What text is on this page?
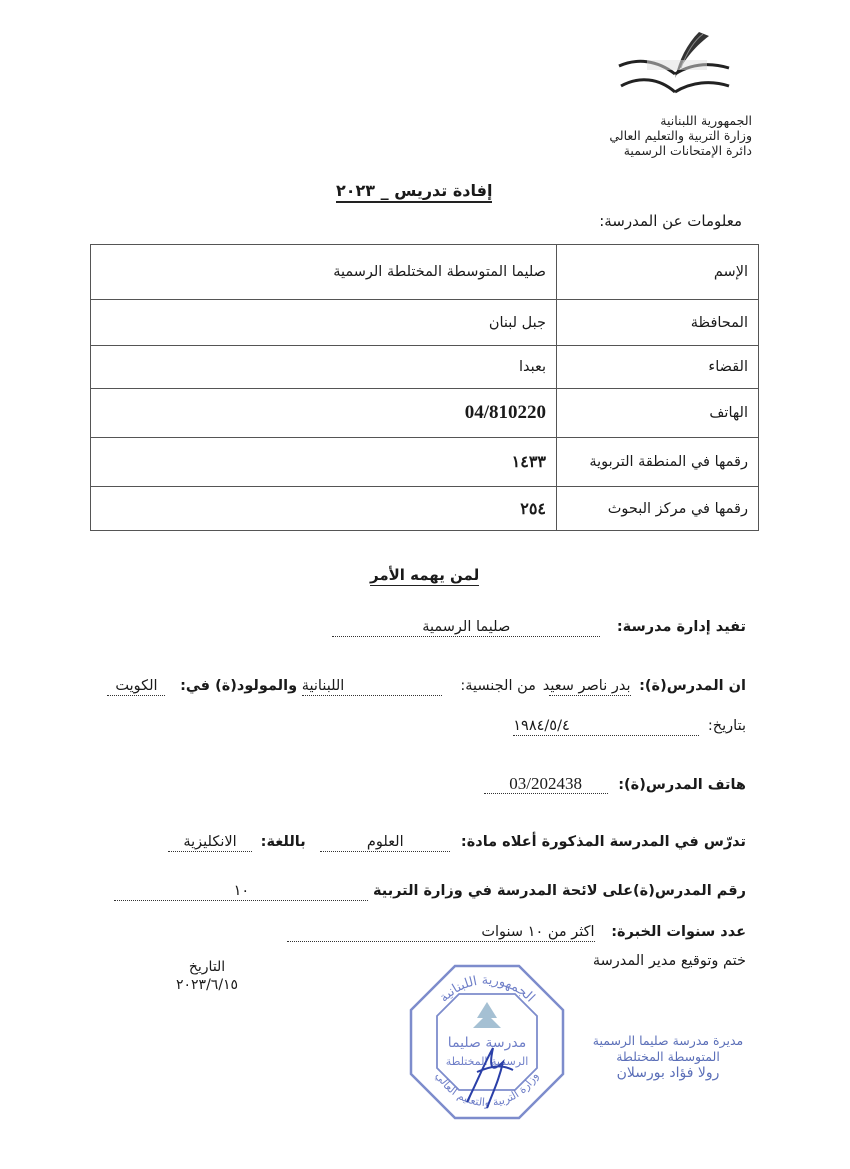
الجمهورية اللبنانية
وزارة التربية والتعليم العالي
دائرة الإمتحانات الرسمية
إفادة تدريس _ ٢٠٢٣
معلومات عن المدرسة:
الإسم	صليما المتوسطة المختلطة الرسمية
المحافظة	جبل لبنان
القضاء	بعبدا
الهاتف	04/810220
رقمها في المنطقة التربوية	١٤٣٣
رقمها في مركز البحوث	٢٥٤
لمن يهمه الأمر
تفيد إدارة مدرسة: صليما الرسمية
ان المدرس(ة): بدر ناصر سعيد من الجنسية: اللبنانية والمولود(ة) في: الكويت
بتاريخ: ١٩٨٤/٥/٤
هاتف المدرس(ة): 03/202438
تدرّس في المدرسة المذكورة أعلاه مادة: العلوم باللغة: الانكليزية
رقم المدرس(ة)على لائحة المدرسة في وزارة التربية ١٠
عدد سنوات الخبرة: اكثر من ١٠ سنوات
ختم وتوقيع مدير المدرسة
التاريخ
٢٠٢٣/٦/١٥
الجمهورية اللبنانية
وزارة التربية والتعليم العالي
مدرسة صليما
الرسمية المختلطة
مديرة مدرسة صليما الرسمية
المتوسطة المختلطة
رولا فؤاد بورسلان
